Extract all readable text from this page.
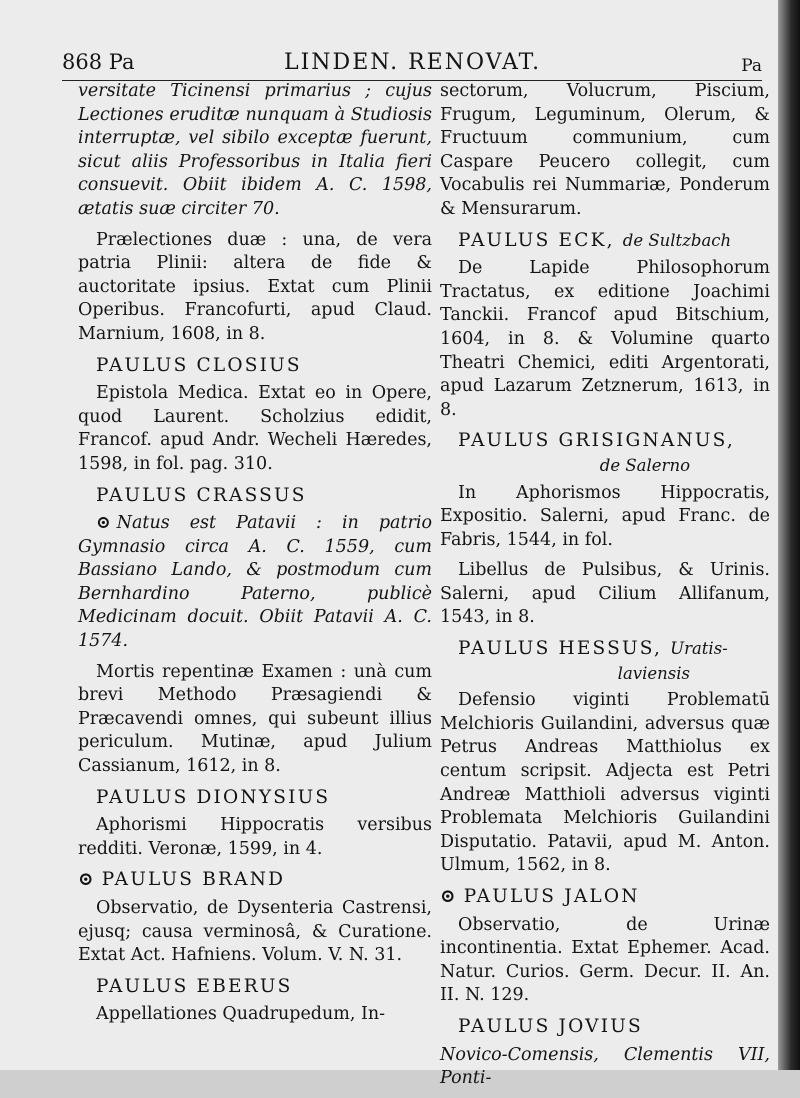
868 Pa	LINDEN. RENOVAT.	Pa

versitate Ticinensi primarius ; cujus Lectiones eruditæ nunquam à Studiosis interruptæ, vel sibilo exceptæ fuerunt, sicut aliis Professoribus in Italia fieri consuevit. Obiit ibidem A. C. 1598, ætatis suæ circiter 70.

Prælectiones duæ : una, de vera patria Plinii: altera de fide & auctoritate ipsius. Extat cum Plinii Operibus. Francofurti, apud Claud. Marnium, 1608, in 8.

PAULUS CLOSIUS

Epistola Medica. Extat eo in Opere, quod Laurent. Scholzius edidit, Francof. apud Andr. Wecheli Hæredes, 1598, in fol. pag. 310.

PAULUS CRASSUS

⊙ Natus est Patavii : in patrio Gymnasio circa A. C. 1559, cum Bassiano Lando, & postmodum cum Bernhardino Paterno, publicè Medicinam docuit. Obiit Patavii A. C. 1574.

Mortis repentinæ Examen : unà cum brevi Methodo Præsagiendi & Præcavendi omnes, qui subeunt illius periculum. Mutinæ, apud Julium Cassianum, 1612, in 8.

PAULUS DIONYSIUS

Aphorismi Hippocratis versibus redditi. Veronæ, 1599, in 4.

⊙ PAULUS BRAND

Observatio, de Dysenteria Castrensi, ejusq; causa verminosâ, & Curatione. Extat Act. Hafniens. Volum. V. N. 31.

PAULUS EBERUS

Appellationes Quadrupedum, In-

sectorum, Volucrum, Piscium, Frugum, Leguminum, Olerum, & Fructuum communium, cum Caspare Peucero collegit, cum Vocabulis rei Nummariæ, Ponderum & Mensurarum.

PAULUS ECK, de Sultzbach

De Lapide Philosophorum Tractatus, ex editione Joachimi Tanckii. Francof apud Bitschium, 1604, in 8. & Volumine quarto Theatri Chemici, editi Argentorati, apud Lazarum Zetznerum, 1613, in 8.

PAULUS GRISIGNANUS,
de Salerno

In Aphorismos Hippocratis, Expositio. Salerni, apud Franc. de Fabris, 1544, in fol.

Libellus de Pulsibus, & Urinis. Salerni, apud Cilium Allifanum, 1543, in 8.

PAULUS HESSUS, Uratis-
laviensis

Defensio viginti Problematū Melchioris Guilandini, adversus quæ Petrus Andreas Matthiolus ex centum scripsit. Adjecta est Petri Andreæ Matthioli adversus viginti Problemata Melchioris Guilandini Disputatio. Patavii, apud M. Anton. Ulmum, 1562, in 8.

⊙ PAULUS JALON

Observatio, de Urinæ incontinentia. Extat Ephemer. Acad. Natur. Curios. Germ. Decur. II. An. II. N. 129.

PAULUS JOVIUS

Novico-Comensis, Clementis VII, Ponti-
